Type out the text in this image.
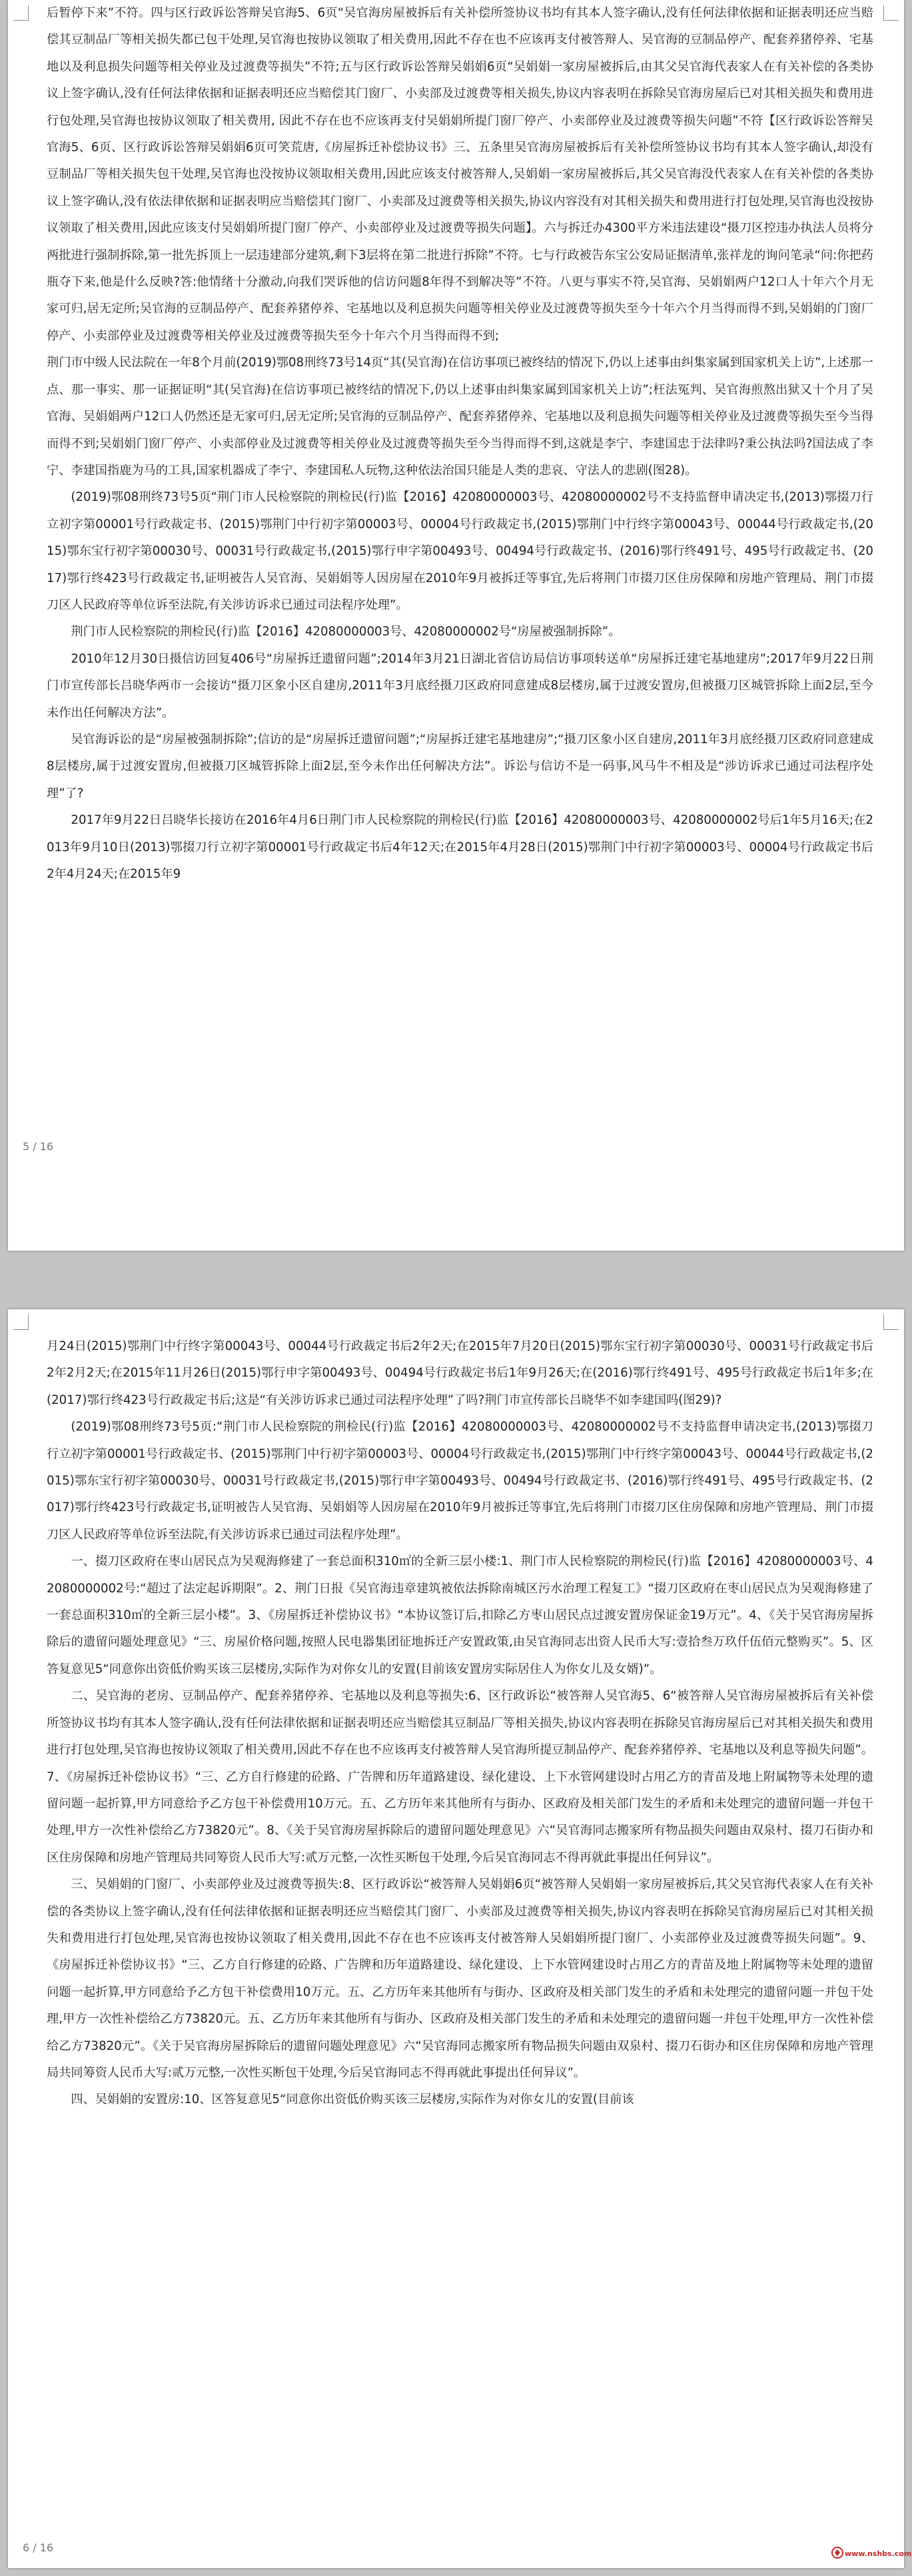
后暂停下来”不符。四与区行政诉讼答辩吴官海5、6页“吴官海房屋被拆后有关补偿所签协议书均有其本人签字确认,没有任何法律依据和证据表明还应当赔偿其豆制品厂等相关损失都已包干处理,吴官海也按协议领取了相关费用,因此不存在也不应该再支付被答辩人、吴官海的豆制品停产、配套养猪停养、宅基地以及利息损失问题等相关停业及过渡费等损失”不符;五与区行政诉讼答辩吴娟娟6页“吴娟娟一家房屋被拆后,由其父吴官海代表家人在有关补偿的各类协议上签字确认,没有任何法律依据和证据表明还应当赔偿其门窗厂、小卖部及过渡费等相关损失,协议内容表明在拆除吴官海房屋后已对其相关损失和费用进行包处理,吴官海也按协议领取了相关费用, 因此不存在也不应该再支付吴娟娟所提门窗厂停产、小卖部停业及过渡费等损失问题”不符【区行政诉讼答辩吴官海5、6页、区行政诉讼答辩吴娟娟6页可笑荒唐,《房屋拆迁补偿协议书》三、五条里吴官海房屋被拆后有关补偿所签协议书均有其本人签字确认,却没有豆制品厂等相关损失包干处理,吴官海也没按协议领取相关费用,因此应该支付被答辩人,吴娟娟一家房屋被拆后,其父吴官海没代表家人在有关补偿的各类协议上签字确认,没有依法律依据和证据表明应当赔偿其门窗厂、小卖部及过渡费等相关损失,协议内容没有对其相关损失和费用进行打包处理,吴官海也没按协议领取了相关费用,因此应该支付吴娟娟所提门窗厂停产、小卖部停业及过渡费等损失问题】。六与拆迁办4300平方米违法建设“摄刀区控违办执法人员将分两批进行强制拆除,第一批先拆顶上一层违建部分建筑,剩下3层将在第二批进行拆除”不符。七与行政被告东宝公安局证据清单,张祥龙的询问笔录“问:你把药瓶夺下来,他是什么反映?答:他情绪十分激动,向我们哭诉他的信访问题8年得不到解决等”不符。八更与事实不符,吴官海、吴娟娟两户12口人十年六个月无家可归,居无定所;吴官海的豆制品停产、配套养猪停养、宅基地以及利息损失问题等相关停业及过渡费等损失至今十年六个月当得而得不到,吴娟娟的门窗厂停产、小卖部停业及过渡费等相关停业及过渡费等损失至今十年六个月当得而得不到;

荆门市中级人民法院在一年8个月前(2019)鄂08刑终73号14页“其(吴官海)在信访事项已被终结的情况下,仍以上述事由纠集家属到国家机关上访”,上述那一点、那一事实、那一证据证明“其(吴官海)在信访事项已被终结的情况下,仍以上述事由纠集家属到国家机关上访”;枉法冤判、吴官海煎熬出狱又十个月了吴官海、吴娟娟两户12口人仍然还是无家可归,居无定所;吴官海的豆制品停产、配套养猪停养、宅基地以及利息损失问题等相关停业及过渡费等损失至今当得而得不到;吴娟娟门窗厂停产、小卖部停业及过渡费等相关停业及过渡费等损失至今当得而得不到,这就是李宁、李建国忠于法律吗?秉公执法吗?国法成了李宁、李建国指鹿为马的工具,国家机器成了李宁、李建国私人玩物,这种依法治国只能是人类的悲哀、守法人的悲剧(图28)。

(2019)鄂08刑终73号5页“荆门市人民检察院的荆检民(行)监【2016】42080000003号、42080000002号不支持监督申请决定书,(2013)鄂掇刀行立初字第00001号行政裁定书、(2015)鄂荆门中行初字第00003号、00004号行政裁定书,(2015)鄂荆门中行终字第00043号、00044号行政裁定书,(2015)鄂东宝行初字第00030号、00031号行政裁定书,(2015)鄂行申字第00493号、00494号行政裁定书、(2016)鄂行终491号、495号行政裁定书、(2017)鄂行终423号行政裁定书,证明被告人吴官海、吴娟娟等人因房屋在2010年9月被拆迁等事宜,先后将荆门市掇刀区住房保障和房地产管理局、荆门市掇刀区人民政府等单位诉至法院,有关涉访诉求已通过司法程序处理”。

荆门市人民检察院的荆检民(行)监【2016】42080000003号、42080000002号“房屋被强制拆除”。

2010年12月30日摄信访回复406号“房屋拆迁遗留问题”;2014年3月21日湖北省信访局信访事项转送单“房屋拆迁建宅基地建房”;2017年9月22日荆门市宣传部长吕晓华两市一会接访“摄刀区象小区自建房,2011年3月底经摄刀区政府同意建成8层楼房,属于过渡安置房,但被摄刀区城管拆除上面2层,至今未作出任何解决方法”。

吴官海诉讼的是“房屋被强制拆除”;信访的是“房屋拆迁遗留问题”;“房屋拆迁建宅基地建房”;“摄刀区象小区自建房,2011年3月底经摄刀区政府同意建成8层楼房,属于过渡安置房,但被摄刀区城管拆除上面2层,至今未作出任何解决方法”。诉讼与信访不是一码事,风马牛不相及是“涉访诉求已通过司法程序处理”了?

2017年9月22日吕晓华长接访在2016年4月6日荆门市人民检察院的荆检民(行)监【2016】42080000003号、42080000002号后1年5月16天;在2013年9月10日(2013)鄂掇刀行立初字第00001号行政裁定书后4年12天;在2015年4月28日(2015)鄂荆门中行初字第00003号、00004号行政裁定书后2年4月24天;在2015年9

5 / 16

月24日(2015)鄂荆门中行终字第00043号、00044号行政裁定书后2年2天;在2015年7月20日(2015)鄂东宝行初字第00030号、00031号行政裁定书后2年2月2天;在2015年11月26日(2015)鄂行申字第00493号、00494号行政裁定书后1年9月26天;在(2016)鄂行终491号、495号行政裁定书后1年多;在(2017)鄂行终423号行政裁定书后;这是“有关涉访诉求已通过司法程序处理”了吗?荆门市宣传部长吕晓华不如李建国吗(图29)?

(2019)鄂08刑终73号5页:“荆门市人民检察院的荆检民(行)监【2016】42080000003号、42080000002号不支持监督申请决定书,(2013)鄂掇刀行立初字第00001号行政裁定书、(2015)鄂荆门中行初字第00003号、00004号行政裁定书,(2015)鄂荆门中行终字第00043号、00044号行政裁定书,(2015)鄂东宝行初字第00030号、00031号行政裁定书,(2015)鄂行申字第00493号、00494号行政裁定书、(2016)鄂行终491号、495号行政裁定书、(2017)鄂行终423号行政裁定书,证明被告人吴官海、吴娟娟等人因房屋在2010年9月被拆迁等事宜,先后将荆门市掇刀区住房保障和房地产管理局、荆门市掇刀区人民政府等单位诉至法院,有关涉访诉求已通过司法程序处理”。

一、掇刀区政府在枣山居民点为吴观海修建了一套总面积310㎡的全新三层小楼:1、荆门市人民检察院的荆检民(行)监【2016】42080000003号、42080000002号:“超过了法定起诉期限”。2、荆门日报《吴官海违章建筑被依法拆除南城区污水治理工程复工》“掇刀区政府在枣山居民点为吴观海修建了一套总面积310㎡的全新三层小楼”。3、《房屋拆迁补偿协议书》“本协议签订后,扣除乙方枣山居民点过渡安置房保证金19万元”。4、《关于吴官海房屋拆除后的遗留问题处理意见》“三、房屋价格问题,按照人民电器集团征地拆迁产安置政策,由吴官海同志出资人民币大写:壹拾叁万玖仟伍佰元整购买”。5、区答复意见5“同意你出资低价购买该三层楼房,实际作为对你女儿的安置(目前该安置房实际居住人为你女儿及女婿)”。

二、吴官海的老房、豆制品停产、配套养猪停养、宅基地以及利息等损失:6、区行政诉讼“被答辩人吴官海5、6“被答辩人吴官海房屋被拆后有关补偿所签协议书均有其本人签字确认,没有任何法律依据和证据表明还应当赔偿其豆制品厂等相关损失,协议内容表明在拆除吴官海房屋后已对其相关损失和费用进行打包处理,吴官海也按协议领取了相关费用,因此不存在也不应该再支付被答辩人吴官海所提豆制品停产、配套养猪停养、宅基地以及利息等损失问题”。7、《房屋拆迁补偿协议书》“三、乙方自行修建的砼路、广告牌和历年道路建设、绿化建设、上下水管网建设时占用乙方的青苗及地上附属物等未处理的遗留问题一起折算,甲方同意给予乙方包干补偿费用10万元。五、乙方历年来其他所有与街办、区政府及相关部门发生的矛盾和未处理完的遗留问题一并包干处理,甲方一次性补偿给乙方73820元”。8、《关于吴官海房屋拆除后的遗留问题处理意见》六“吴官海同志搬家所有物品损失问题由双泉村、掇刀石街办和区住房保障和房地产管理局共同筹资人民币大写:贰万元整,一次性买断包干处理,今后吴官海同志不得再就此事提出任何异议”。

三、吴娟娟的门窗厂、小卖部停业及过渡费等损失:8、区行政诉讼“被答辩人吴娟娟6页“被答辩人吴娟娟一家房屋被拆后,其父吴官海代表家人在有关补偿的各类协议上签字确认,没有任何法律依据和证据表明还应当赔偿其门窗厂、小卖部及过渡费等相关损失,协议内容表明在拆除吴官海房屋后已对其相关损失和费用进行打包处理,吴官海也按协议领取了相关费用,因此不存在也不应该再支付被答辩人吴娟娟所提门窗厂、小卖部停业及过渡费等损失问题”。9、《房屋拆迁补偿协议书》“三、乙方自行修建的砼路、广告牌和历年道路建设、绿化建设、上下水管网建设时占用乙方的青苗及地上附属物等未处理的遗留问题一起折算,甲方同意给予乙方包干补偿费用10万元。五、乙方历年来其他所有与街办、区政府及相关部门发生的矛盾和未处理完的遗留问题一并包干处理,甲方一次性补偿给乙方73820元。五、乙方历年来其他所有与街办、区政府及相关部门发生的矛盾和未处理完的遗留问题一并包干处理,甲方一次性补偿给乙方73820元”。《关于吴官海房屋拆除后的遗留问题处理意见》六“吴官海同志搬家所有物品损失问题由双泉村、掇刀石街办和区住房保障和房地产管理局共同筹资人民币大写:贰万元整,一次性买断包干处理,今后吴官海同志不得再就此事提出任何异议”。

四、吴娟娟的安置房:10、区答复意见5“同意你出资低价购买该三层楼房,实际作为对你女儿的安置(目前该

6 / 16	www.nshbs.com
